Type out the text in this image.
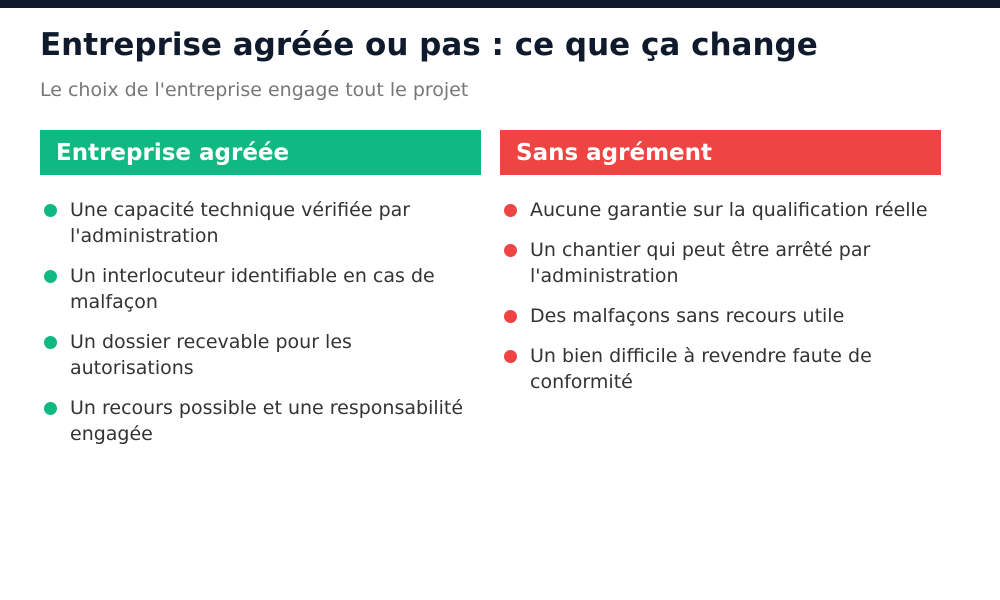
Entreprise agréée ou pas : ce que ça change

Le choix de l'entreprise engage tout le projet

Entreprise agréée
Une capacité technique vérifiée par l'administration
Un interlocuteur identifiable en cas de malfaçon
Un dossier recevable pour les autorisations
Un recours possible et une responsabilité engagée
Sans agrément
Aucune garantie sur la qualification réelle
Un chantier qui peut être arrêté par l'administration
Des malfaçons sans recours utile
Un bien difficile à revendre faute de conformité
